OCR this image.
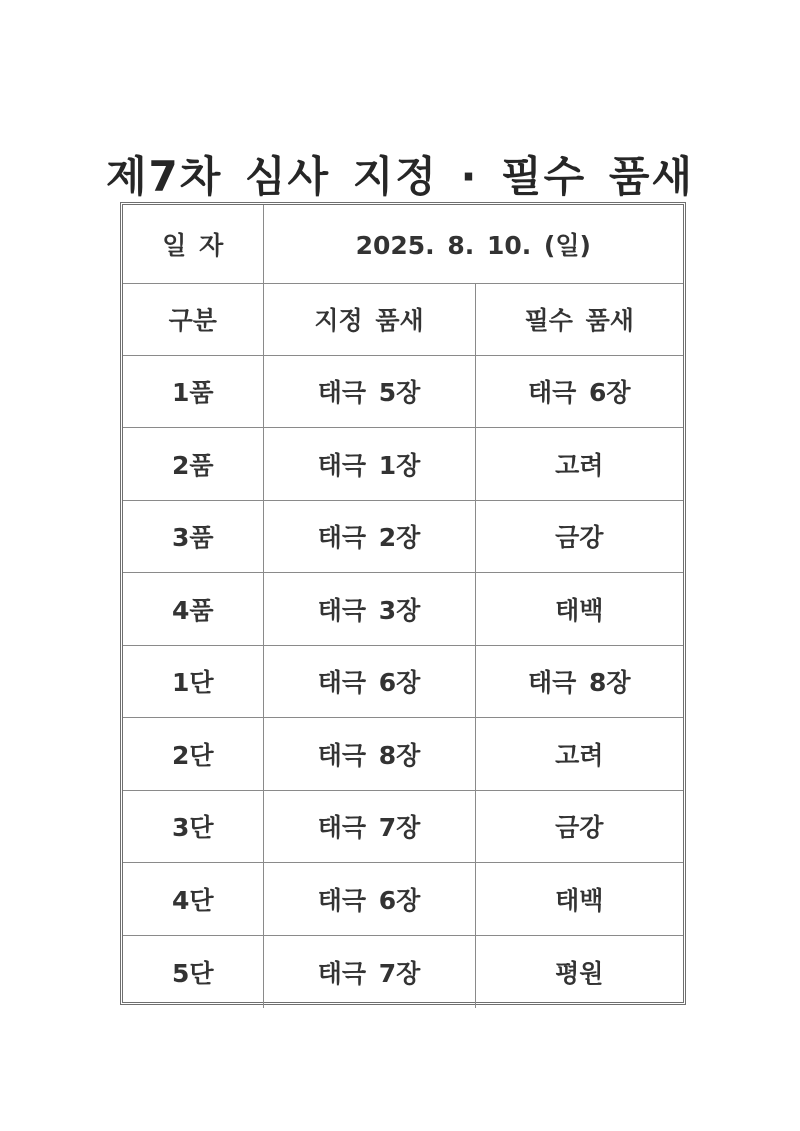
제7차 심사 지정 · 필수 품새
일 자	2025. 8. 10. (일)	
구분	지정 품새	필수 품새
1품	태극 5장	태극 6장
2품	태극 1장	고려
3품	태극 2장	금강
4품	태극 3장	태백
1단	태극 6장	태극 8장
2단	태극 8장	고려
3단	태극 7장	금강
4단	태극 6장	태백
5단	태극 7장	평원
